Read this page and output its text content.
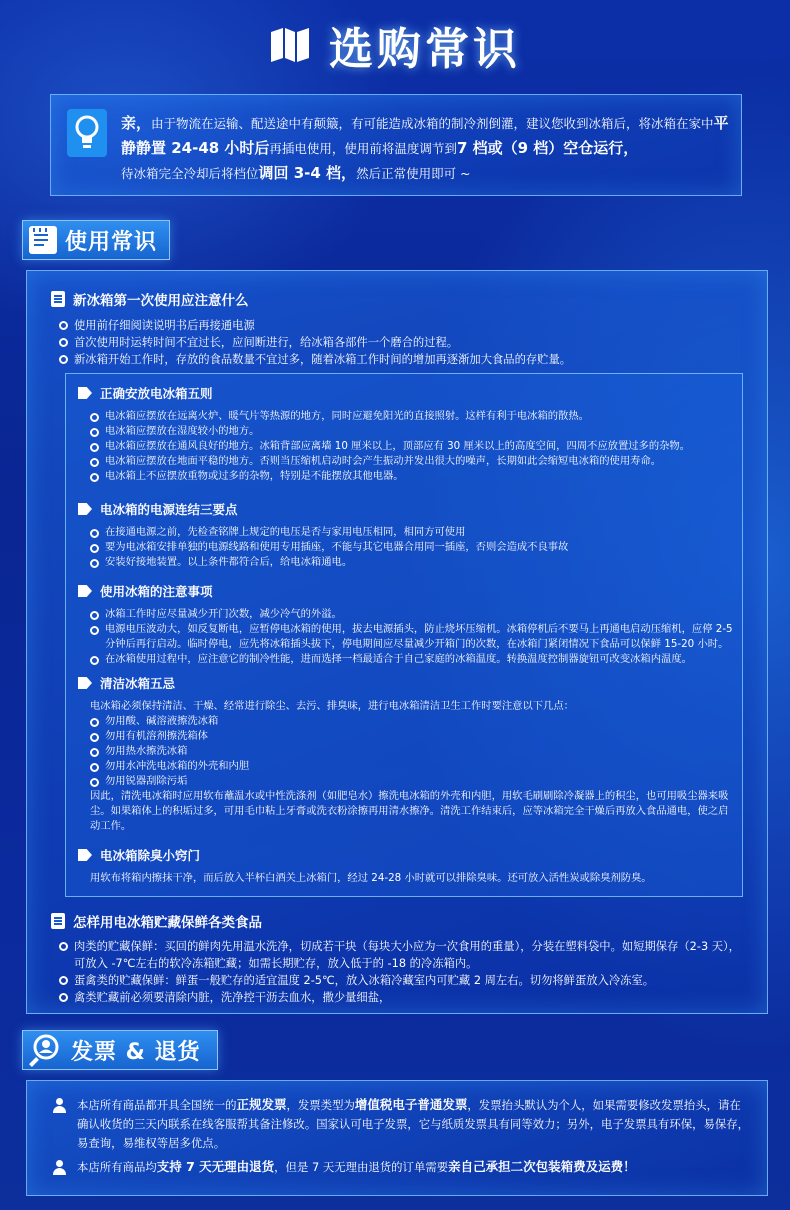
选购常识
亲，由于物流在运输、配送途中有颠簸，有可能造成冰箱的制冷剂倒灌，建议您收到冰箱后，将冰箱在家中平静静置 24-48 小时后再插电使用，使用前将温度调节到7 档或（9 档）空仓运行，
待冰箱完全冷却后将档位调回 3-4 档，然后正常使用即可 ~
使用常识
新冰箱第一次使用应注意什么
使用前仔细阅读说明书后再接通电源
首次使用时运转时间不宜过长，应间断进行，给冰箱各部件一个磨合的过程。
新冰箱开始工作时，存放的食品数量不宜过多，随着冰箱工作时间的增加再逐渐加大食品的存贮量。
正确安放电冰箱五则
电冰箱应摆放在远离火炉、暖气片等热源的地方，同时应避免阳光的直接照射。这样有利于电冰箱的散热。
电冰箱应摆放在湿度较小的地方。
电冰箱应摆放在通风良好的地方。冰箱背部应离墙 10 厘米以上，顶部应有 30 厘米以上的高度空间，四周不应放置过多的杂物。
电冰箱应摆放在地面平稳的地方。否则当压缩机启动时会产生振动并发出很大的噪声，长期如此会缩短电冰箱的使用寿命。
电冰箱上不应摆放重物或过多的杂物，特别是不能摆放其他电器。
电冰箱的电源连结三要点
在接通电源之前，先检查铭牌上规定的电压是否与家用电压相同，相同方可使用
要为电冰箱安排单独的电源线路和使用专用插座，不能与其它电器合用同一插座，否则会造成不良事故
安装好接地装置。以上条件都符合后，给电冰箱通电。
使用冰箱的注意事项
冰箱工作时应尽量减少开门次数，减少冷气的外溢。
电源电压波动大，如反复断电，应暂停电冰箱的使用，拔去电源插头，防止烧坏压缩机。冰箱停机后不要马上再通电启动压缩机，应停 2-5 分钟后再行启动。临时停电，应先将冰箱插头拔下，停电期间应尽量减少开箱门的次数，在冰箱门紧闭情况下食品可以保鲜 15-20 小时。
在冰箱使用过程中，应注意它的制冷性能，进而选择一档最适合于自己家庭的冰箱温度。转换温度控制器旋钮可改变冰箱内温度。
清洁冰箱五忌
电冰箱必须保持清洁、干燥、经常进行除尘、去污、排臭味，进行电冰箱清洁卫生工作时要注意以下几点：
勿用酸、碱溶液擦洗冰箱
勿用有机溶剂擦洗箱体
勿用热水擦洗冰箱
勿用水冲洗电冰箱的外壳和内胆
勿用锐器刮除污垢
因此，清洗电冰箱时应用软布蘸温水或中性洗涤剂（如肥皂水）擦洗电冰箱的外壳和内胆，用软毛刷刷除冷凝器上的积尘，也可用吸尘器来吸尘。如果箱体上的积垢过多，可用毛巾粘上牙膏或洗衣粉涂擦再用清水擦净。清洗工作结束后，应等冰箱完全干燥后再放入食品通电，使之启动工作。
电冰箱除臭小窍门
用软布将箱内擦抹干净，而后放入半杯白酒关上冰箱门，经过 24-28 小时就可以排除臭味。还可放入活性炭或除臭剂防臭。
怎样用电冰箱贮藏保鲜各类食品
肉类的贮藏保鲜：买回的鲜肉先用温水洗净，切成若干块（每块大小应为一次食用的重量），分装在塑料袋中。如短期保存（2-3 天），可放入 -7℃左右的软冷冻箱贮藏；如需长期贮存，放入低于的 -18 的冷冻箱内。
蛋禽类的贮藏保鲜：鲜蛋一般贮存的适宜温度 2-5℃，放入冰箱冷藏室内可贮藏 2 周左右。切勿将鲜蛋放入冷冻室。
禽类贮藏前必须要清除内脏，洗净控干沥去血水，撒少量细盐，
发票 & 退货
本店所有商品都开具全国统一的正规发票，发票类型为增值税电子普通发票，发票抬头默认为个人，如果需要修改发票抬头，请在确认收货的三天内联系在线客服帮其备注修改。国家认可电子发票，它与纸质发票具有同等效力；另外，电子发票具有环保，易保存，易查询，易维权等居多优点。
本店所有商品均支持 7 天无理由退货，但是 7 天无理由退货的订单需要亲自己承担二次包装箱费及运费！
